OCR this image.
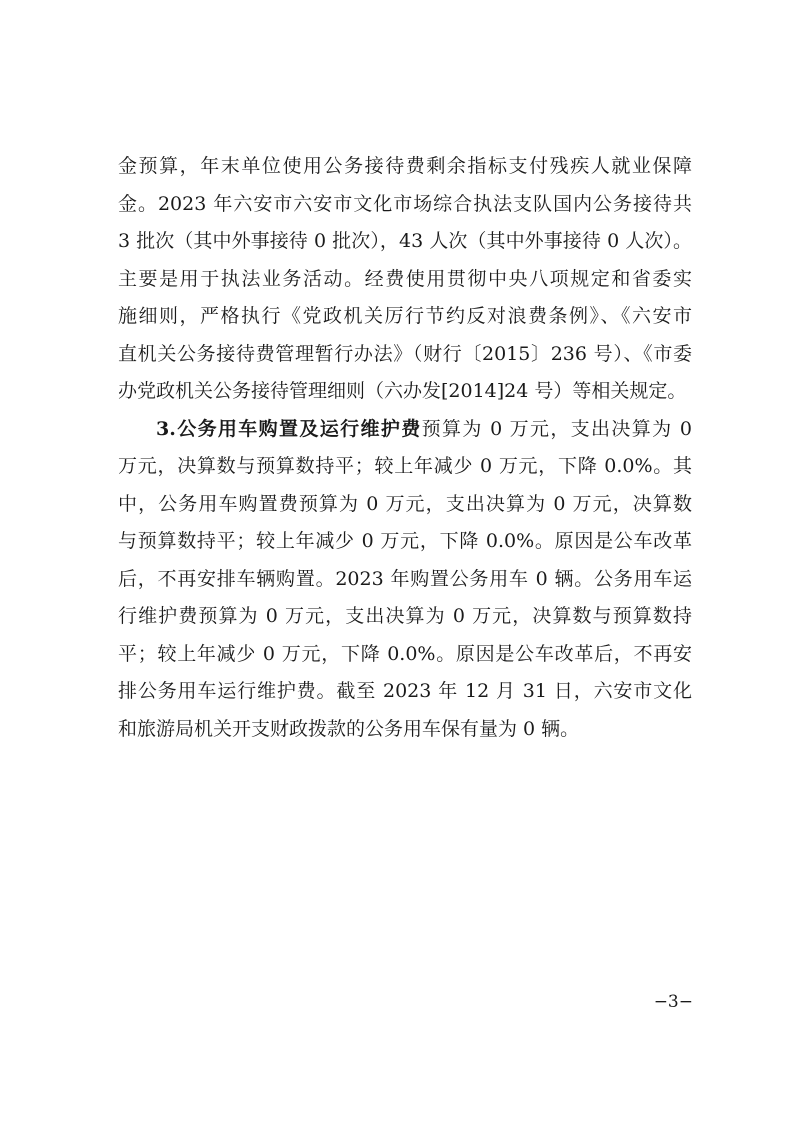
金预算，年末单位使用公务接待费剩余指标支付残疾人就业保障
金。2023 年六安市六安市文化市场综合执法支队国内公务接待共
3 批次（其中外事接待 0 批次），43 人次（其中外事接待 0 人次）。
主要是用于执法业务活动。经费使用贯彻中央八项规定和省委实
施细则，严格执行《党政机关厉行节约反对浪费条例》、《六安市
直机关公务接待费管理暂行办法》（财行〔2015〕236 号）、《市委
办党政机关公务接待管理细则（六办发[2014]24 号）等相关规定。
3.公务用车购置及运行维护费预算为 0 万元，支出决算为 0
万元，决算数与预算数持平；较上年减少 0 万元，下降 0.0%。其
中，公务用车购置费预算为 0 万元，支出决算为 0 万元，决算数
与预算数持平；较上年减少 0 万元，下降 0.0%。原因是公车改革
后，不再安排车辆购置。2023 年购置公务用车 0 辆。公务用车运
行维护费预算为 0 万元，支出决算为 0 万元，决算数与预算数持
平；较上年减少 0 万元，下降 0.0%。原因是公车改革后，不再安
排公务用车运行维护费。截至 2023 年 12 月 31 日，六安市文化
和旅游局机关开支财政拨款的公务用车保有量为 0 辆。
−3−
